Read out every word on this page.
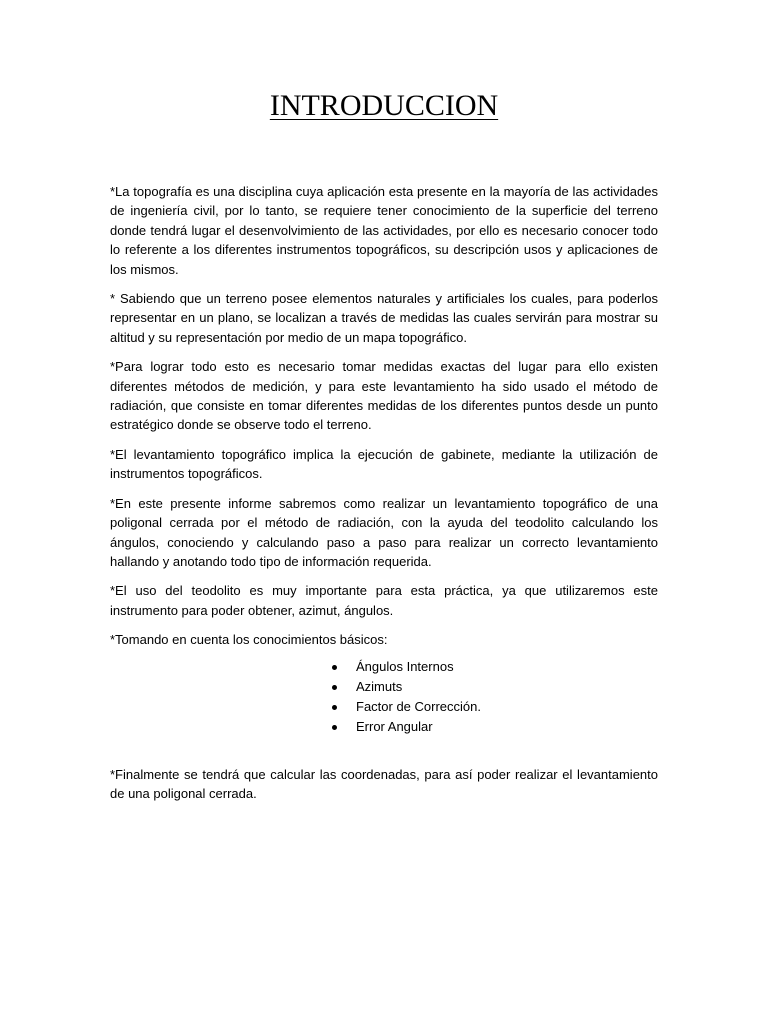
INTRODUCCION

*La topografía es una disciplina cuya aplicación esta presente en la mayoría de las actividades de ingeniería civil, por lo tanto, se requiere tener conocimiento de la superficie del terreno donde tendrá lugar el desenvolvimiento de las actividades, por ello es necesario conocer todo lo referente a los diferentes instrumentos topográficos, su descripción usos y aplicaciones de los mismos.

* Sabiendo que un terreno posee elementos naturales y artificiales los cuales, para poderlos representar en un plano, se localizan a través de medidas las cuales servirán para mostrar su altitud y su representación por medio de un mapa topográfico.

*Para lograr todo esto es necesario tomar medidas exactas del lugar para ello existen diferentes métodos de medición, y para este levantamiento ha sido usado el método de radiación, que consiste en tomar diferentes medidas de los diferentes puntos desde un punto estratégico donde se observe todo el terreno.

*El levantamiento topográfico implica la ejecución de gabinete, mediante la utilización de instrumentos topográficos.

*En este presente informe sabremos como realizar un levantamiento topográfico de una poligonal cerrada por el método de radiación, con la ayuda del teodolito calculando los ángulos, conociendo y calculando paso a paso para realizar un correcto levantamiento hallando y anotando todo tipo de información requerida.

*El uso del teodolito es muy importante para esta práctica, ya que utilizaremos este instrumento para poder obtener, azimut, ángulos.

*Tomando en cuenta los conocimientos básicos:

Ángulos Internos
Azimuts
Factor de Corrección.
Error Angular

*Finalmente se tendrá que calcular las coordenadas, para así poder realizar el levantamiento de una poligonal cerrada.
